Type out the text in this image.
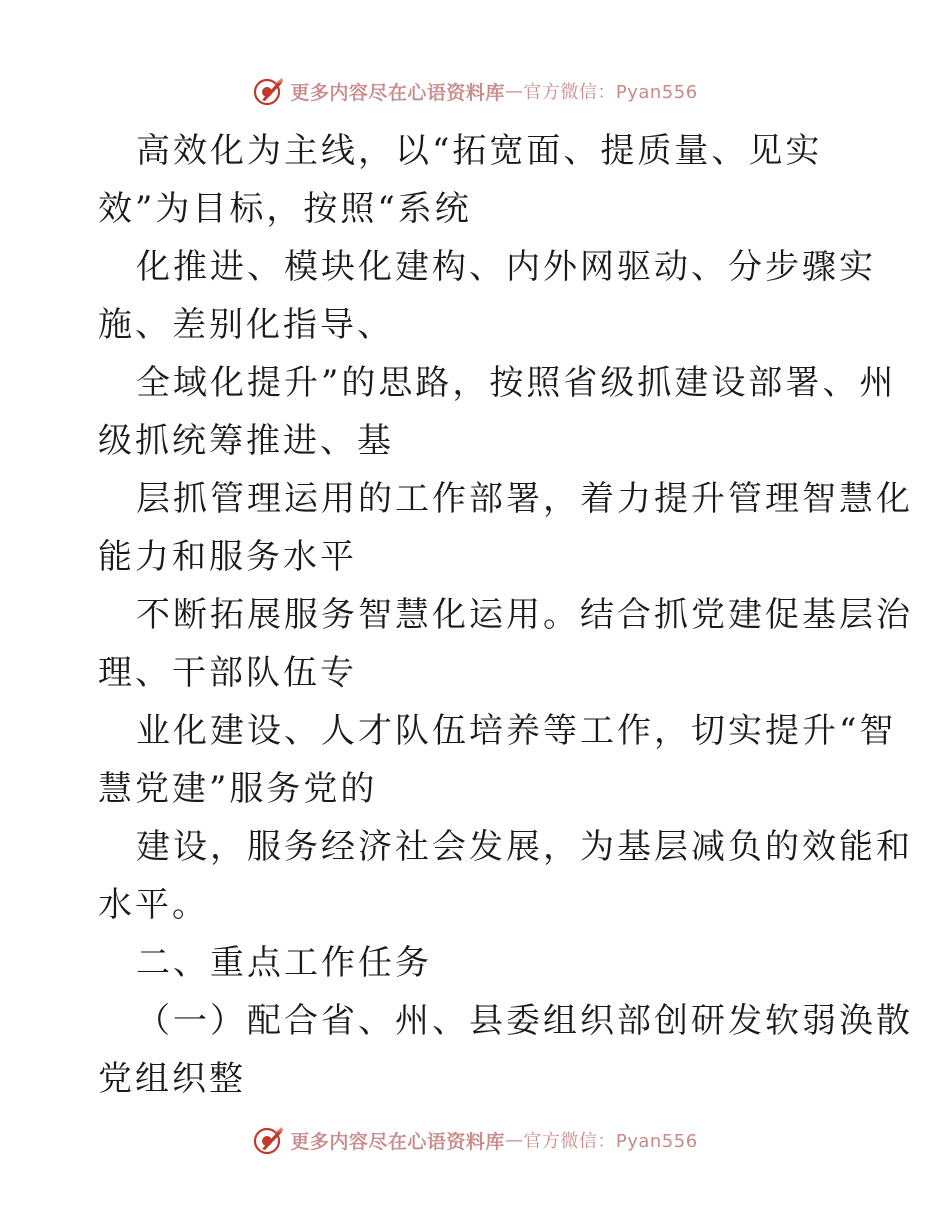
更多内容尽在心语资料库 — 官方微信：Pyan556
高效化为主线，以“拓宽面、提质量、见实
效”为目标，按照“系统
化推进、模块化建构、内外网驱动、分步骤实
施、差别化指导、
全域化提升”的思路，按照省级抓建设部署、州
级抓统筹推进、基
层抓管理运用的工作部署，着力提升管理智慧化
能力和服务水平
不断拓展服务智慧化运用。结合抓党建促基层治
理、干部队伍专
业化建设、人才队伍培养等工作，切实提升“智
慧党建”服务党的
建设，服务经济社会发展，为基层减负的效能和
水平。
二、重点工作任务
（一）配合省、州、县委组织部创研发软弱涣散
党组织整
更多内容尽在心语资料库 — 官方微信：Pyan556
